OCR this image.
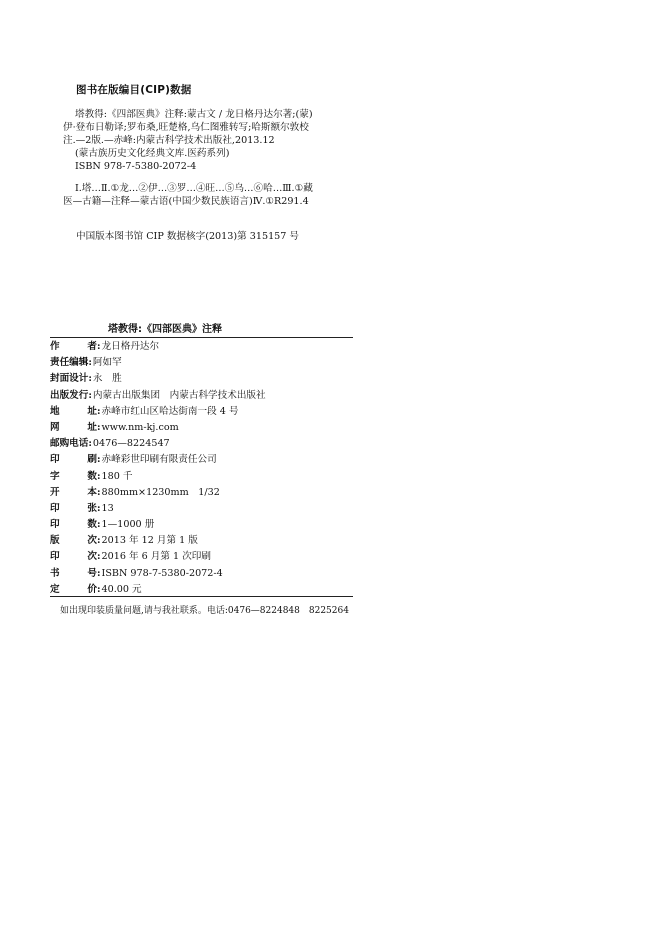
图书在版编目(CIP)数据
塔教得:《四部医典》注释:蒙古文 / 龙日格丹达尔著;(蒙)
伊·登布日勒译;罗布桑,旺楚格,乌仁图雅转写;哈斯额尔敦校
注.—2版.—赤峰:内蒙古科学技术出版社,2013.12
(蒙古族历史文化经典文库.医药系列)
ISBN 978-7-5380-2072-4
Ⅰ.塔…Ⅱ.①龙…②伊…③罗…④旺…⑤乌…⑥哈…Ⅲ.①藏
医—古籍—注释—蒙古语(中国少数民族语言)Ⅳ.①R291.4
中国版本图书馆 CIP 数据核字(2013)第 315157 号
塔教得:《四部医典》注释
作	者 : 龙日格丹达尔
责任编辑 : 阿如罕
封面设计 : 永　胜
出版发行 : 内蒙古出版集团　内蒙古科学技术出版社
地	址 : 赤峰市红山区哈达街南一段 4 号
网	址 : www.nm-kj.com
邮购电话 : 0476—8224547
印	刷 : 赤峰彩世印刷有限责任公司
字	数 : 180 千
开	本 : 880mm×1230mm　1/32
印	张 : 13
印	数 : 1—1000 册
版	次 : 2013 年 12 月第 1 版
印	次 : 2016 年 6 月第 1 次印刷
书	号 : ISBN 978-7-5380-2072-4
定	价 : 40.00 元
如出现印装质量问题,请与我社联系。电话:0476—8224848　8225264
